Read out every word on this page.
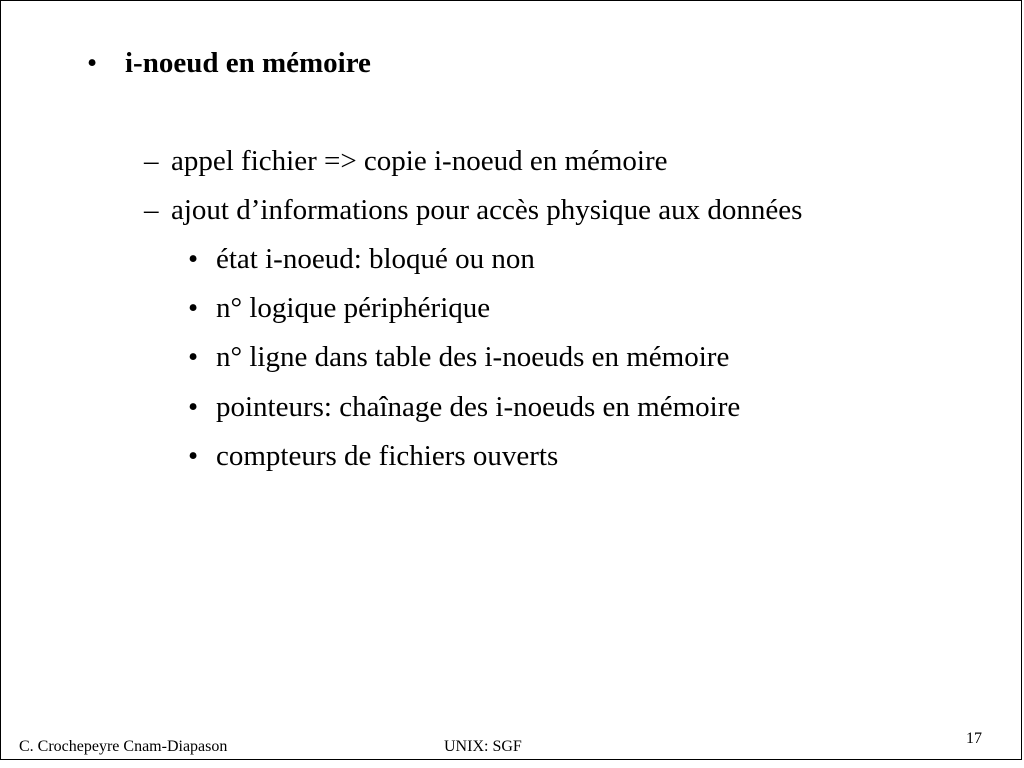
• i-noeud en mémoire
– appel fichier => copie i-noeud en mémoire
– ajout d’informations pour accès physique aux données
• état i-noeud: bloqué ou non
• n° logique périphérique
• n° ligne dans table des i-noeuds en mémoire
• pointeurs: chaînage des i-noeuds en mémoire
• compteurs de fichiers ouverts
17
C. Crochepeyre Cnam-Diapason	UNIX: SGF
